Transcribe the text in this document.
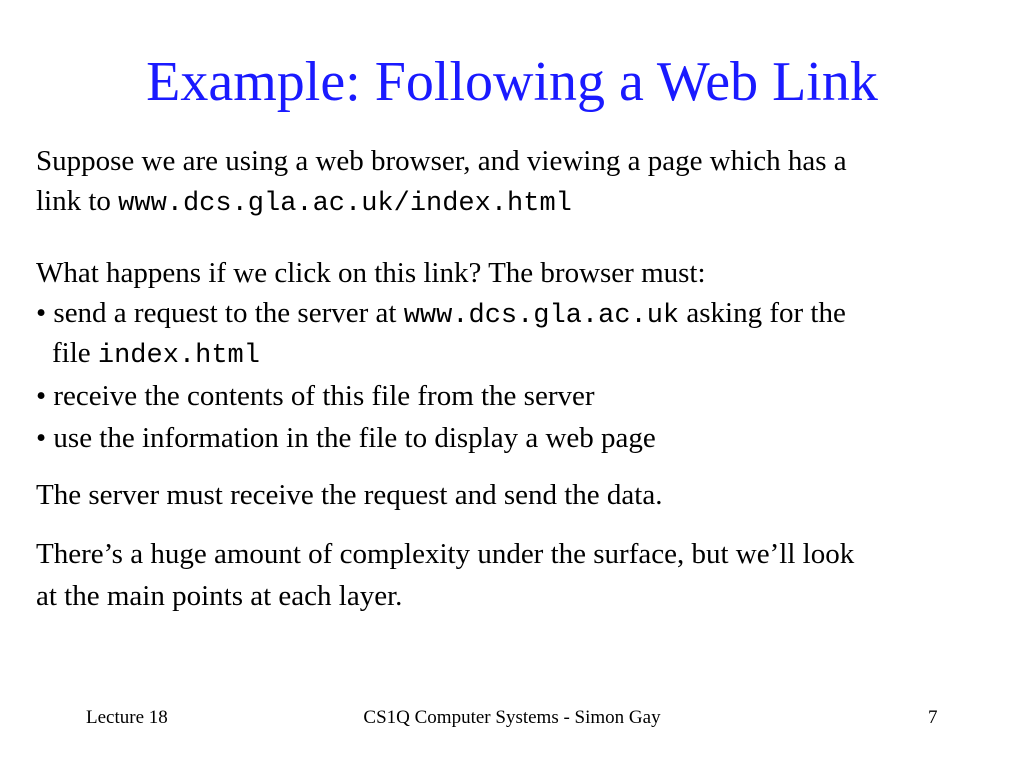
Example: Following a Web Link
Suppose we are using a web browser, and viewing a page which has a
link to www.dcs.gla.ac.uk/index.html
What happens if we click on this link? The browser must:
• send a request to the server at www.dcs.gla.ac.uk asking for the
file index.html
• receive the contents of this file from the server
• use the information in the file to display a web page
The server must receive the request and send the data.
There’s a huge amount of complexity under the surface, but we’ll look
at the main points at each layer.
Lecture 18	CS1Q Computer Systems - Simon Gay	7
